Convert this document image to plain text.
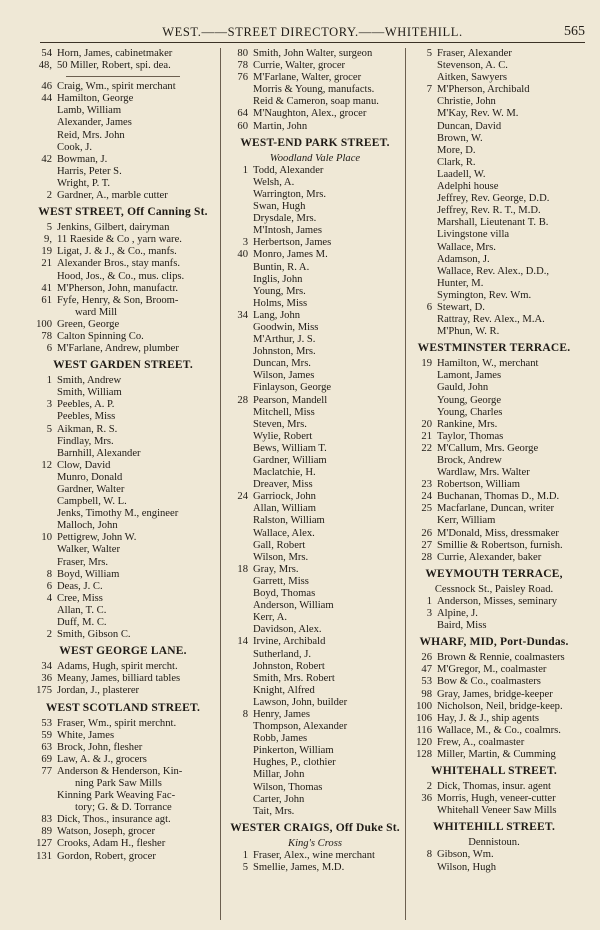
WEST.——STREET DIRECTORY.——WHITEHILL.	565
54 Horn, James, cabinetmaker
48, 50 Miller, Robert, spi. dea.
46 Craig, Wm., spirit merchant
44 Hamilton, George
Lamb, William
Alexander, James
Reid, Mrs. John
Cook, J.
42 Bowman, J.
Harris, Peter S.
Wright, P. T.
2 Gardner, A., marble cutter
WEST STREET, Off Canning St.
5 Jenkins, Gilbert, dairyman
9, 11 Raeside & Co , yarn ware.
19 Ligat, J. & J., & Co., manfs.
21 Alexander Bros., stay manfs.
Hood, Jos., & Co., mus. clips.
41 M'Pherson, John, manufactr.
61 Fyfe, Henry, & Son, Broom-
ward Mill
100 Green, George
78 Calton Spinning Co.
6 M'Farlane, Andrew, plumber
WEST GARDEN STREET.
1 Smith, Andrew
Smith, William
3 Peebles, A. P.
Peebles, Miss
5 Aikman, R. S.
Findlay, Mrs.
Barnhill, Alexander
12 Clow, David
Munro, Donald
Gardner, Walter
Campbell, W. L.
Jenks, Timothy M., engineer
Malloch, John
10 Pettigrew, John W.
Walker, Walter
Fraser, Mrs.
8 Boyd, William
6 Deas, J. C.
4 Cree, Miss
Allan, T. C.
Duff, M. C.
2 Smith, Gibson C.
WEST GEORGE LANE.
34 Adams, Hugh, spirit mercht.
36 Meany, James, billiard tables
175 Jordan, J., plasterer
WEST SCOTLAND STREET.
53 Fraser, Wm., spirit merchnt.
59 White, James
63 Brock, John, flesher
69 Law, A. & J., grocers
77 Anderson & Henderson, Kin-
ning Park Saw Mills
Kinning Park Weaving Fac-
tory; G. & D. Torrance
83 Dick, Thos., insurance agt.
89 Watson, Joseph, grocer
127 Crooks, Adam H., flesher
131 Gordon, Robert, grocer
80 Smith, John Walter, surgeon
78 Currie, Walter, grocer
76 M'Farlane, Walter, grocer
Morris & Young, manufacts.
Reid & Cameron, soap manu.
64 M'Naughton, Alex., grocer
60 Martin, John
WEST-END PARK STREET.
Woodland Vale Place
1 Todd, Alexander
Welsh, A.
Warrington, Mrs.
Swan, Hugh
Drysdale, Mrs.
M'Intosh, James
3 Herbertson, James
40 Monro, James M.
Buntin, R. A.
Inglis, John
Young, Mrs.
Holms, Miss
34 Lang, John
Goodwin, Miss
M'Arthur, J. S.
Johnston, Mrs.
Duncan, Mrs.
Wilson, James
Finlayson, George
28 Pearson, Mandell
Mitchell, Miss
Steven, Mrs.
Wylie, Robert
Bews, William T.
Gardner, William
Maclatchie, H.
Dreaver, Miss
24 Garriock, John
Allan, William
Ralston, William
Wallace, Alex.
Gall, Robert
Wilson, Mrs.
18 Gray, Mrs.
Garrett, Miss
Boyd, Thomas
Anderson, William
Kerr, A.
Davidson, Alex.
14 Irvine, Archibald
Sutherland, J.
Johnston, Robert
Smith, Mrs. Robert
Knight, Alfred
Lawson, John, builder
8 Henry, James
Thompson, Alexander
Robb, James
Pinkerton, William
Hughes, P., clothier
Millar, John
Wilson, Thomas
Carter, John
Tait, Mrs.
WESTER CRAIGS, Off Duke St.
King's Cross
1 Fraser, Alex., wine merchant
5 Smellie, James, M.D.
5 Fraser, Alexander
Stevenson, A. C.
Aitken, Sawyers
7 M'Pherson, Archibald
Christie, John
M'Kay, Rev. W. M.
Duncan, David
Brown, W.
More, D.
Clark, R.
Laadell, W.
Adelphi house
Jeffrey, Rev. George, D.D.
Jeffrey, Rev. R. T., M.D.
Marshall, Lieutenant T. B.
Livingstone villa
Wallace, Mrs.
Adamson, J.
Wallace, Rev. Alex., D.D.,
Hunter, M.
Symington, Rev. Wm.
6 Stewart, D.
Rattray, Rev. Alex., M.A.
M'Phun, W. R.
WESTMINSTER TERRACE.
19 Hamilton, W., merchant
Lamont, James
Gauld, John
Young, George
Young, Charles
20 Rankine, Mrs.
21 Taylor, Thomas
22 M'Callum, Mrs. George
Brock, Andrew
Wardlaw, Mrs. Walter
23 Robertson, William
24 Buchanan, Thomas D., M.D.
25 Macfarlane, Duncan, writer
Kerr, William
26 M'Donald, Miss, dressmaker
27 Smillie & Robertson, furnish.
28 Currie, Alexander, baker
WEYMOUTH TERRACE,
Cessnock St., Paisley Road.
1 Anderson, Misses, seminary
3 Alpine, J.
Baird, Miss
WHARF, MID, Port-Dundas.
26 Brown & Rennie, coalmasters
47 M'Gregor, M., coalmaster
53 Bow & Co., coalmasters
98 Gray, James, bridge-keeper
100 Nicholson, Neil, bridge-keep.
106 Hay, J. & J., ship agents
116 Wallace, M., & Co., coalmrs.
120 Frew, A., coalmaster
128 Miller, Martin, & Cumming
WHITEHALL STREET.
2 Dick, Thomas, insur. agent
36 Morris, Hugh, veneer-cutter
Whitehall Veneer Saw Mills
WHITEHILL STREET.
Dennistoun.
8 Gibson, Wm.
Wilson, Hugh
